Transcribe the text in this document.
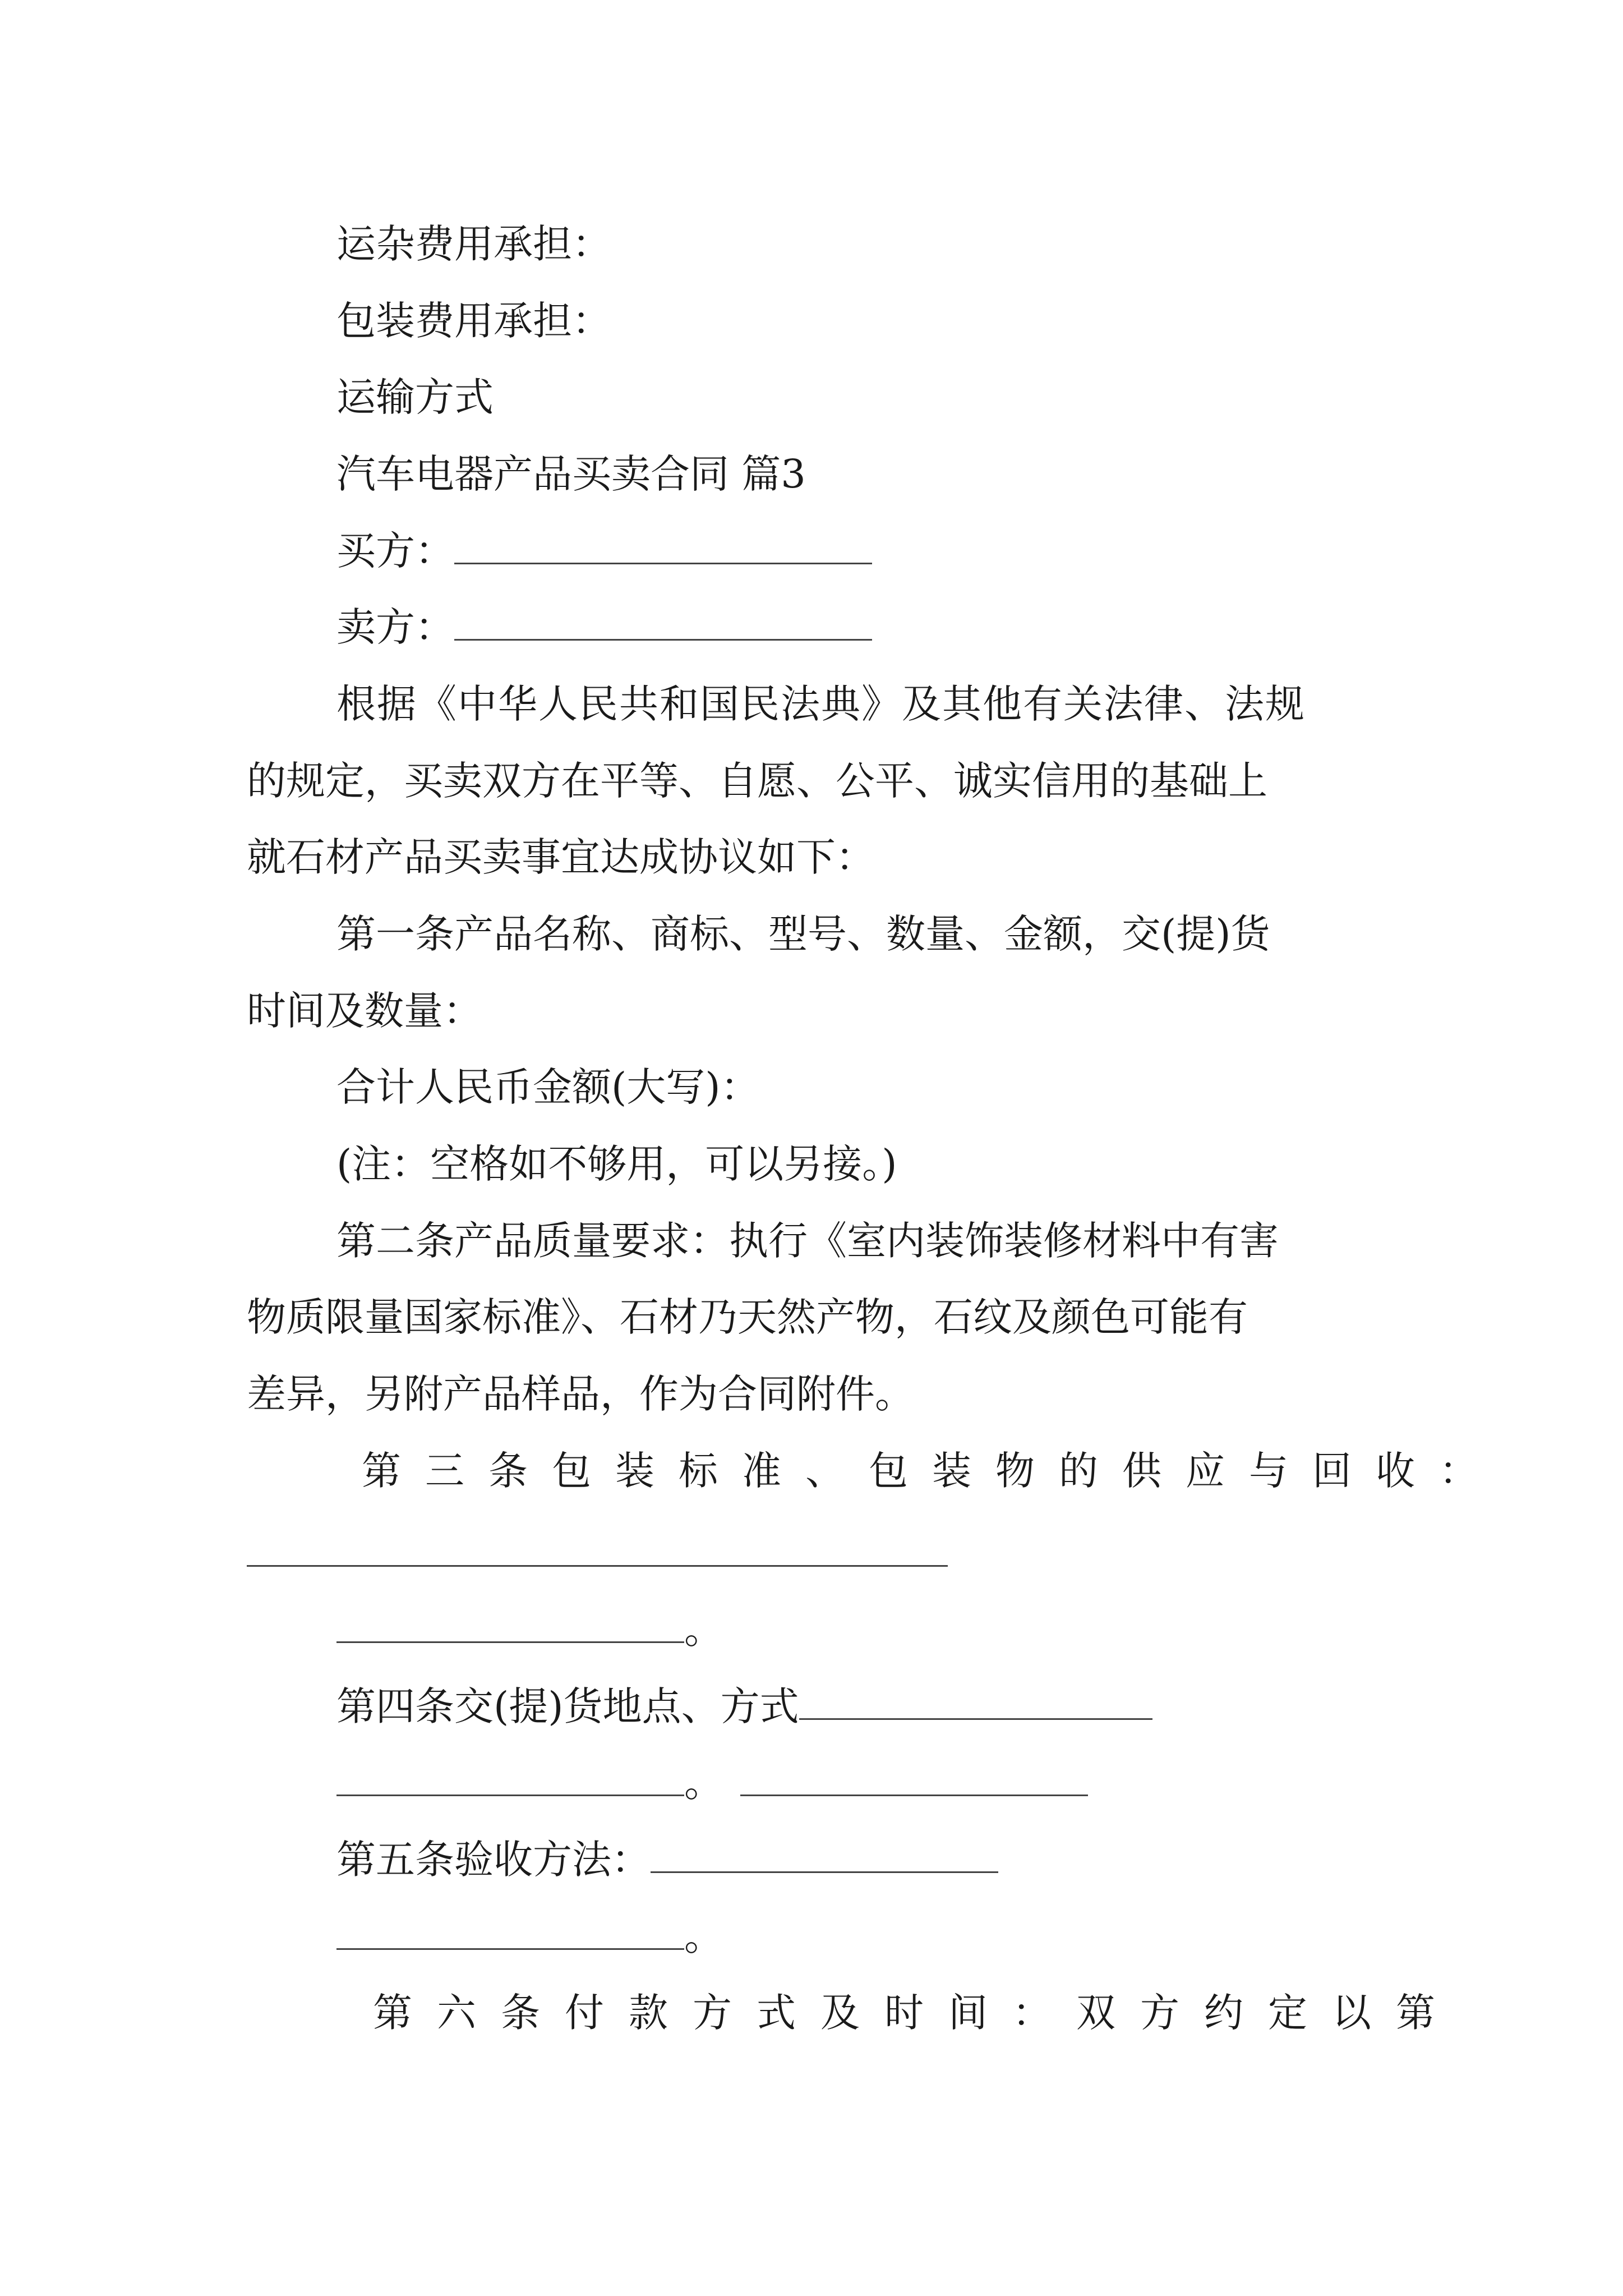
运杂费用承担：
包装费用承担：
运输方式
汽车电器产品买卖合同 篇3
买方：
卖方：
根据《中华人民共和国民法典》及其他有关法律、法规
的规定，买卖双方在平等、自愿、公平、诚实信用的基础上
就石材产品买卖事宜达成协议如下：
第一条产品名称、商标、型号、数量、金额，交(提)货
时间及数量：
合计人民币金额(大写)：
(注：空格如不够用，可以另接。)
第二条产品质量要求：执行《室内装饰装修材料中有害
物质限量国家标准》、石材乃天然产物，石纹及颜色可能有
差异，另附产品样品，作为合同附件。
第三条包装标准、包装物的供应与回收：
。
第四条交(提)货地点、方式
。
第五条验收方法：
。
第六条付款方式及时间：双方约定以第
